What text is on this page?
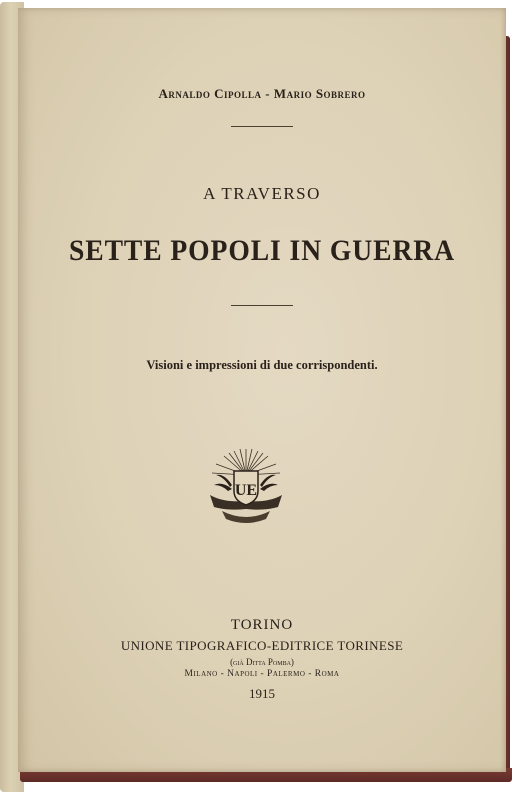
Arnaldo Cipolla - Mario Sobrero
A TRAVERSO
SETTE POPOLI IN GUERRA
Visioni e impressioni di due corrispondenti.
UE
TORINO
UNIONE TIPOGRAFICO-EDITRICE TORINESE
(già Ditta Pomba)
Milano - Napoli - Palermo - Roma
1915
